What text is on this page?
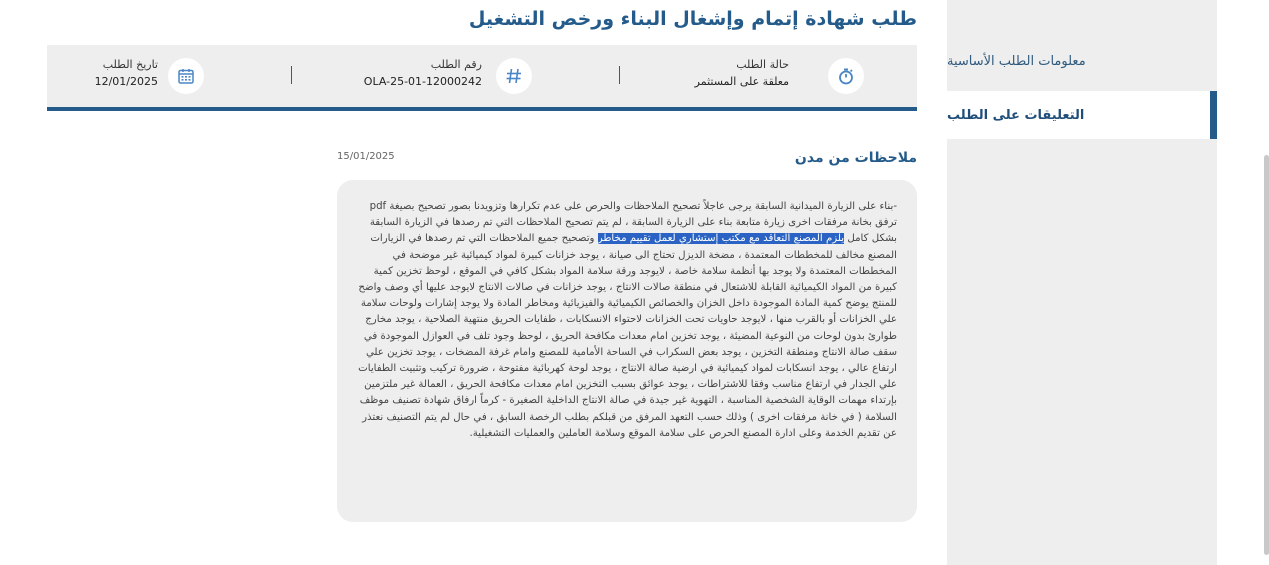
معلومات الطلب الأساسية
التعليقات على الطلب
طلب شهادة إتمام وإشغال البناء ورخص التشغيل
حالة الطلب
معلقة على المستثمر
رقم الطلب
OLA-25-01-12000242
تاريخ الطلب
12/01/2025
ملاحظات من مدن
15/01/2025

-بناء على الزيارة الميدانية السابقة يرجى عاجلاً تصحيح الملاحظات والحرص على عدم تكرارها وتزويدنا بصور تصحيح بصيغة pdf ترفق بخانة مرفقات اخرى زيارة متابعة بناء على الزيارة السابقة ، لم يتم تصحيح الملاحظات التي تم رصدها في الزيارة السابقة بشكل كامل يلزم المصنع التعاقد مع مكتب إستشاري لعمل تقييم مخاطر وتصحيح جميع الملاحظات التي تم رصدها في الزيارات المصنع مخالف للمخططات المعتمدة ، مضخة الديزل تحتاج الى صيانة ، يوجد خزانات كبيرة لمواد كيميائية غير موضحة في المخططات المعتمدة ولا يوجد بها أنظمة سلامة خاصة ، لايوجد ورقة سلامة المواد بشكل كافي في الموقع ، لوحظ تخزين كمية كبيرة من المواد الكيميائية القابلة للاشتعال في منطقة صالات الانتاج ، يوجد خزانات في صالات الانتاج لايوجد عليها أي وصف واضح للمنتج يوضح كمية المادة الموجودة داخل الخزان والخصائص الكيميائية والفيزيائية ومخاطر المادة ولا يوجد إشارات ولوحات سلامة علي الخزانات أو بالقرب منها ، لايوجد حاويات تحت الخزانات لاحتواء الانسكابات ، طفايات الحريق منتهية الصلاحية ، يوجد مخارج طوارئ بدون لوحات من النوعية المضيئة ، يوجد تخزين امام معدات مكافحة الحريق ، لوحظ وجود تلف في العوازل الموجودة في سقف صالة الانتاج ومنطقة التخزين ، يوجد بعض السكراب في الساحة الأمامية للمصنع وامام غرفة المضخات ، يوجد تخزين علي ارتفاع عالي ، يوجد انسكابات لمواد كيميائية في ارضية صالة الانتاج ، يوجد لوحة كهربائية مفتوحة ، ضرورة تركيب وتثبيت الطفايات علي الجدار في ارتفاع مناسب وفقا للاشتراطات ، يوجد عوائق بسبب التخزين امام معدات مكافحة الحريق ، العمالة غير ملتزمين بإرتداء مهمات الوقاية الشخصية المناسبة ، التهوية غير جيدة في صالة الانتاج الداخلية الصغيرة - كرماً ارفاق شهادة تصنيف موظف السلامة ( في خانة مرفقات اخرى ) وذلك حسب التعهد المرفق من قبلكم بطلب الرخصة السابق ، في حال لم يتم التصنيف نعتذر عن تقديم الخدمة وعلى ادارة المصنع الحرص على سلامة الموقع وسلامة العاملين والعمليات التشغيلية.
